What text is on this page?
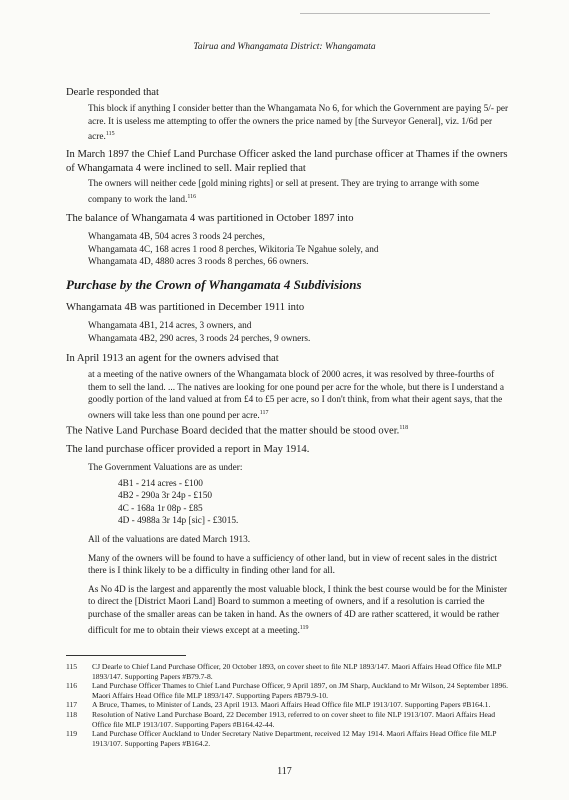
Tairua and Whangamata District: Whangamata
Dearle responded that
This block if anything I consider better than the Whangamata No 6, for which the Government are paying 5/- per acre. It is useless me attempting to offer the owners the price named by [the Surveyor General], viz. 1/6d per acre.$^{115}$
In March 1897 the Chief Land Purchase Officer asked the land purchase officer at Thames if the owners of Whangamata 4 were inclined to sell. Mair replied that
The owners will neither cede [gold mining rights] or sell at present. They are trying to arrange with some company to work the land.$^{116}$
The balance of Whangamata 4 was partitioned in October 1897 into

Whangamata 4B, 504 acres 3 roods 24 perches,

Whangamata 4C, 168 acres 1 rood 8 perches, Wikitoria Te Ngahue solely, and

Whangamata 4D, 4880 acres 3 roods 8 perches, 66 owners.

Purchase by the Crown of Whangamata 4 Subdivisions
Whangamata 4B was partitioned in December 1911 into

Whangamata 4B1, 214 acres, 3 owners, and

Whangamata 4B2, 290 acres, 3 roods 24 perches, 9 owners.

In April 1913 an agent for the owners advised that
at a meeting of the native owners of the Whangamata block of 2000 acres, it was resolved by three-fourths of them to sell the land. ... The natives are looking for one pound per acre for the whole, but there is I understand a goodly portion of the land valued at from £4 to £5 per acre, so I don't think, from what their agent says, that the owners will take less than one pound per acre.$^{117}$
The Native Land Purchase Board decided that the matter should be stood over.$^{118}$
The land purchase officer provided a report in May 1914.

The Government Valuations are as under:

4B1 - 214 acres - £100

4B2 - 290a 3r 24p - £150

4C - 168a 1r 08p - £85

4D - 4988a 3r 14p [sic] - £3015.

All of the valuations are dated March 1913.

Many of the owners will be found to have a sufficiency of other land, but in view of recent sales in the district there is I think likely to be a difficulty in finding other land for all.

As No 4D is the largest and apparently the most valuable block, I think the best course would be for the Minister to direct the [District Maori Land] Board to summon a meeting of owners, and if a resolution is carried the purchase of the smaller areas can be taken in hand. As the owners of 4D are rather scattered, it would be rather difficult for me to obtain their views except at a meeting.$^{119}$

115	CJ Dearle to Chief Land Purchase Officer, 20 October 1893, on cover sheet to file NLP 1893/147. Maori Affairs Head Office file MLP 1893/147. Supporting Papers #B79.7-8.
116	Land Purchase Officer Thames to Chief Land Purchase Officer, 9 April 1897, on JM Sharp, Auckland to Mr Wilson, 24 September 1896. Maori Affairs Head Office file MLP 1893/147. Supporting Papers #B79.9-10.
117	A Bruce, Thames, to Minister of Lands, 23 April 1913. Maori Affairs Head Office file MLP 1913/107. Supporting Papers #B164.1.
118	Resolution of Native Land Purchase Board, 22 December 1913, referred to on cover sheet to file NLP 1913/107. Maori Affairs Head Office file MLP 1913/107. Supporting Papers #B164.42-44.
119	Land Purchase Officer Auckland to Under Secretary Native Department, received 12 May 1914. Maori Affairs Head Office file MLP 1913/107. Supporting Papers #B164.2.
117
